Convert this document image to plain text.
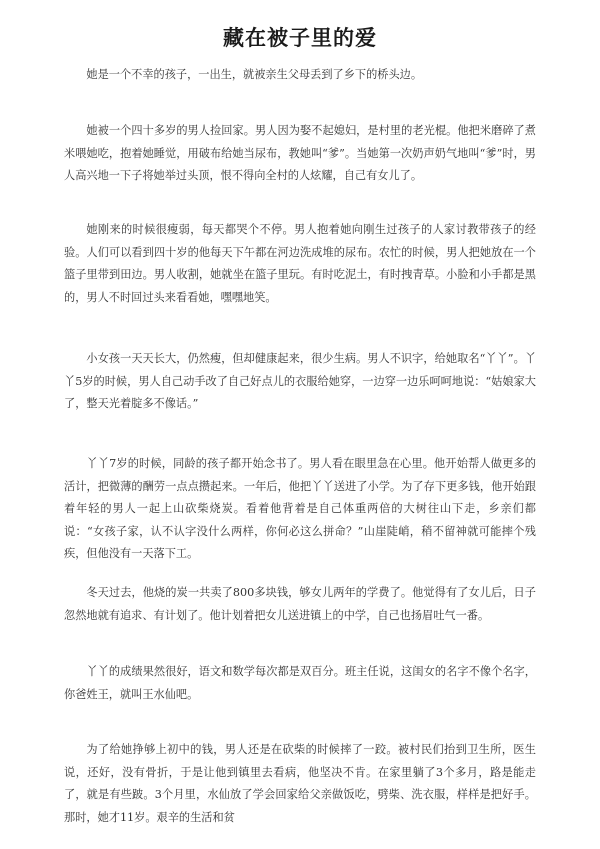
藏在被子里的爱

她是一个不幸的孩子，一出生，就被亲生父母丢到了乡下的桥头边。

她被一个四十多岁的男人捡回家。男人因为娶不起媳妇，是村里的老光棍。他把米磨碎了煮米喂她吃，抱着她睡觉，用破布给她当尿布，教她叫“爹”。当她第一次奶声奶气地叫“爹”时，男人高兴地一下子将她举过头顶，恨不得向全村的人炫耀，自己有女儿了。

她刚来的时候很瘦弱，每天都哭个不停。男人抱着她向刚生过孩子的人家讨教带孩子的经验。人们可以看到四十岁的他每天下午都在河边洗成堆的尿布。农忙的时候，男人把她放在一个篮子里带到田边。男人收割，她就坐在篮子里玩。有时吃泥土，有时拽青草。小脸和小手都是黑的，男人不时回过头来看看她，嘿嘿地笑。

小女孩一天天长大，仍然瘦，但却健康起来，很少生病。男人不识字，给她取名“丫丫”。丫丫5岁的时候，男人自己动手改了自己好点儿的衣服给她穿，一边穿一边乐呵呵地说：“姑娘家大了，整天光着腚多不像话。”

丫丫7岁的时候，同龄的孩子都开始念书了。男人看在眼里急在心里。他开始帮人做更多的活计，把微薄的酬劳一点点攒起来。一年后，他把丫丫送进了小学。为了存下更多钱，他开始跟着年轻的男人一起上山砍柴烧炭。看着他背着是自己体重两倍的大树往山下走，乡亲们都说：“女孩子家，认不认字没什么两样，你何必这么拼命？”山崖陡峭，稍不留神就可能摔个残疾，但他没有一天落下工。

冬天过去，他烧的炭一共卖了800多块钱，够女儿两年的学费了。他觉得有了女儿后，日子忽然地就有追求、有计划了。他计划着把女儿送进镇上的中学，自己也扬眉吐气一番。

丫丫的成绩果然很好，语文和数学每次都是双百分。班主任说，这闺女的名字不像个名字，你爸姓王，就叫王水仙吧。

为了给她挣够上初中的钱，男人还是在砍柴的时候摔了一跤。被村民们抬到卫生所，医生说，还好，没有骨折，于是让他到镇里去看病，他坚决不肯。在家里躺了3个多月，路是能走了，就是有些跛。3个月里，水仙放了学会回家给父亲做饭吃，劈柴、洗衣服，样样是把好手。那时，她才11岁。艰辛的生活和贫
